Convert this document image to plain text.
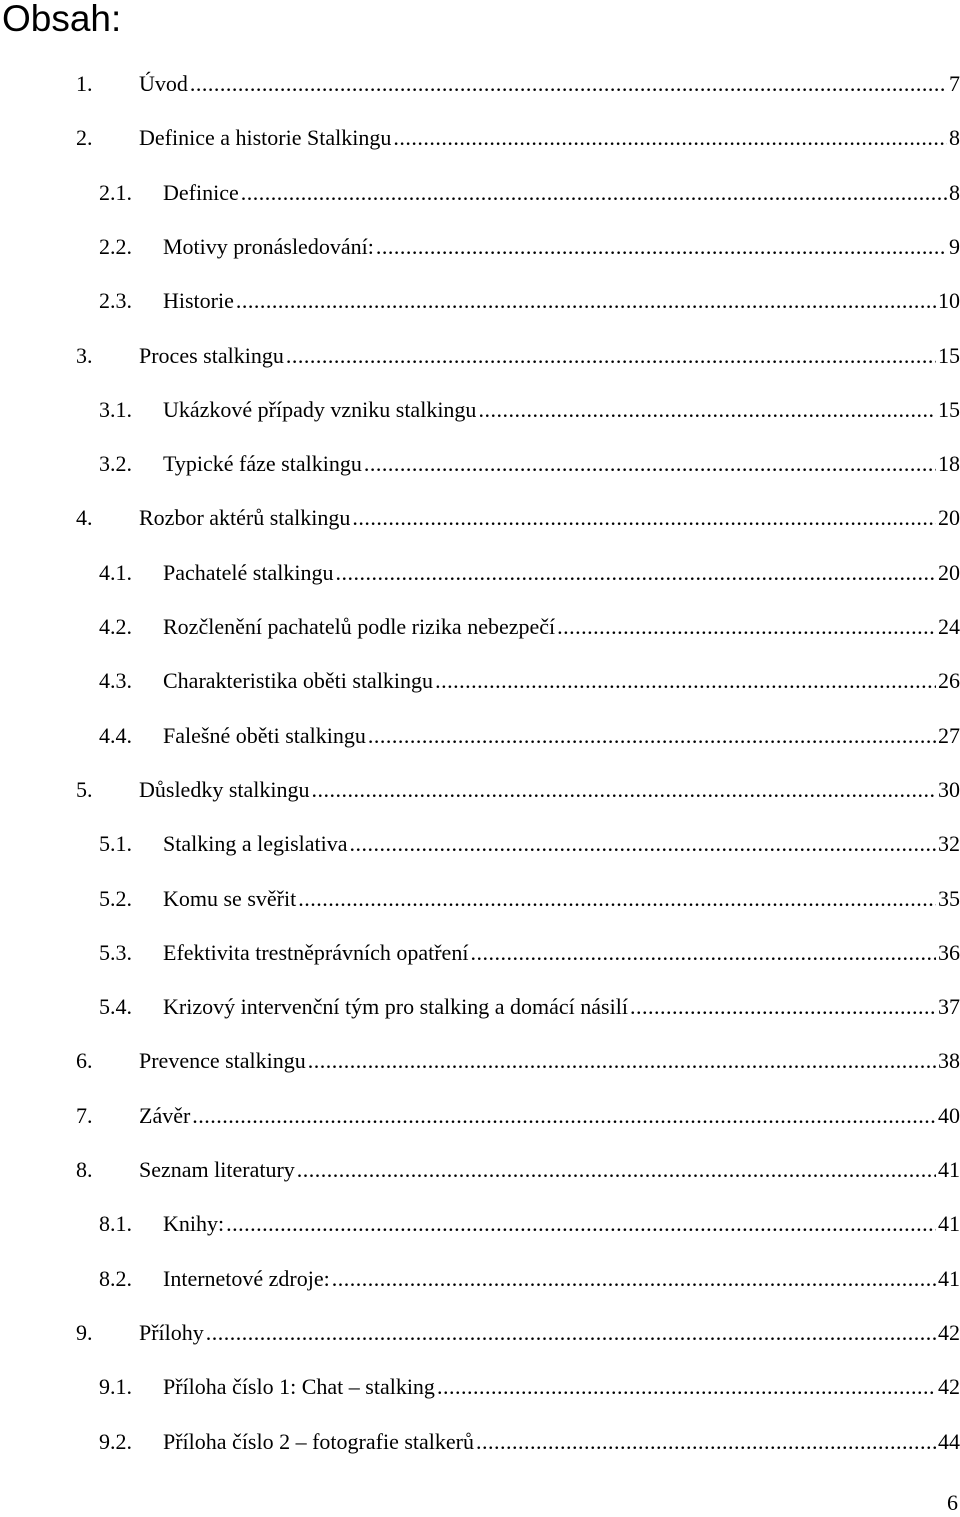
Obsah:
1.	Úvod .....	7
2.	Definice a historie Stalkingu .....	8
2.1.	Definice .....	8
2.2.	Motivy pronásledování: .....	9
2.3.	Historie .....	10
3.	Proces stalkingu .....	15
3.1.	Ukázkové případy vzniku stalkingu .....	15
3.2.	Typické fáze stalkingu .....	18
4.	Rozbor aktérů stalkingu .....	20
4.1.	Pachatelé stalkingu .....	20
4.2.	Rozčlenění pachatelů podle rizika nebezpečí .....	24
4.3.	Charakteristika oběti stalkingu .....	26
4.4.	Falešné oběti stalkingu .....	27
5.	Důsledky stalkingu .....	30
5.1.	Stalking a legislativa .....	32
5.2.	Komu se svěřit .....	35
5.3.	Efektivita trestněprávních opatření .....	36
5.4.	Krizový intervenční tým pro stalking a domácí násilí .....	37
6.	Prevence stalkingu .....	38
7.	Závěr .....	40
8.	Seznam literatury .....	41
8.1.	Knihy: .....	41
8.2.	Internetové zdroje: .....	41
9.	Přílohy .....	42
9.1.	Příloha číslo 1: Chat – stalking .....	42
9.2.	Příloha číslo 2 – fotografie stalkerů .....	44
6
